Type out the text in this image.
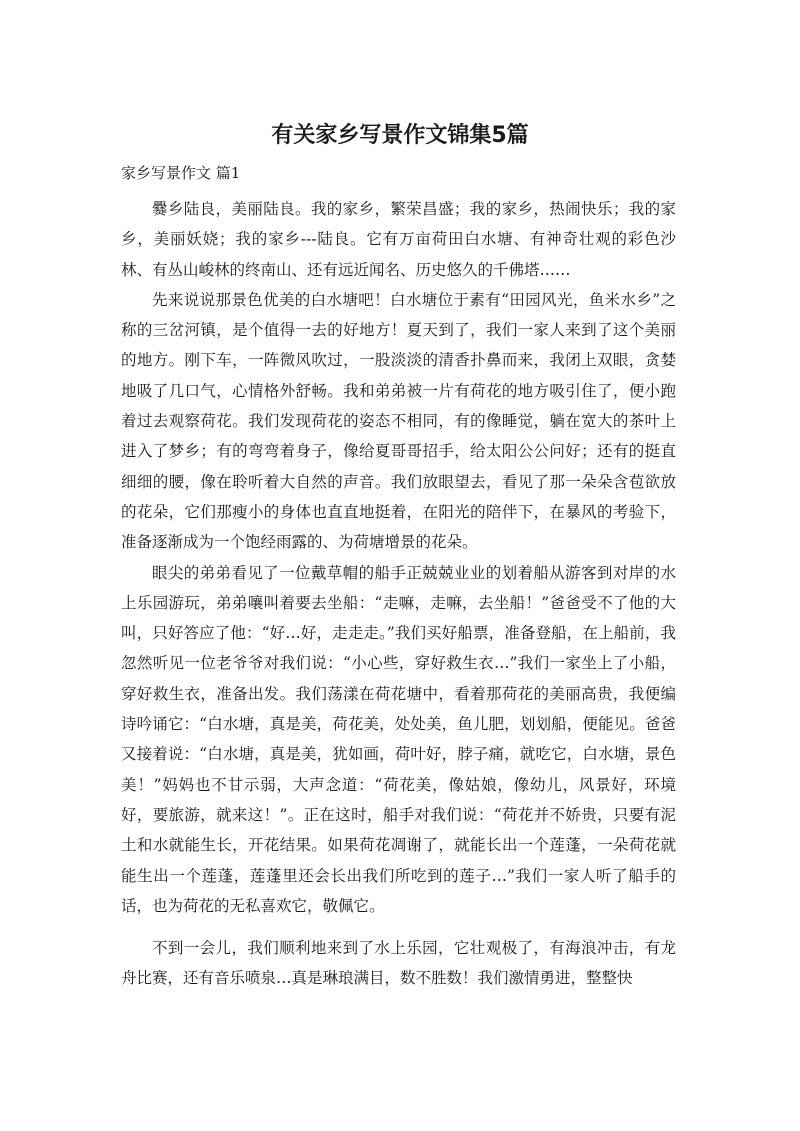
有关家乡写景作文锦集5篇

家乡写景作文 篇1

爨乡陆良，美丽陆良。我的家乡，繁荣昌盛；我的家乡，热闹快乐；我的家乡，美丽妖娆；我的家乡---陆良。它有万亩荷田白水塘、有神奇壮观的彩色沙林、有丛山峻林的终南山、还有远近闻名、历史悠久的千佛塔……

先来说说那景色优美的白水塘吧！白水塘位于素有“田园风光，鱼米水乡”之称的三岔河镇，是个值得一去的好地方！夏天到了，我们一家人来到了这个美丽的地方。刚下车，一阵微风吹过，一股淡淡的清香扑鼻而来，我闭上双眼，贪婪地吸了几口气，心情格外舒畅。我和弟弟被一片有荷花的地方吸引住了，便小跑着过去观察荷花。我们发现荷花的姿态不相同，有的像睡觉，躺在宽大的茶叶上进入了梦乡；有的弯弯着身子，像给夏哥哥招手，给太阳公公问好；还有的挺直细细的腰，像在聆听着大自然的声音。我们放眼望去，看见了那一朵朵含苞欲放的花朵，它们那瘦小的身体也直直地挺着，在阳光的陪伴下，在暴风的考验下，准备逐渐成为一个饱经雨露的、为荷塘增景的花朵。

眼尖的弟弟看见了一位戴草帽的船手正兢兢业业的划着船从游客到对岸的水上乐园游玩，弟弟嚷叫着要去坐船：“走嘛，走嘛，去坐船！”爸爸受不了他的大叫，只好答应了他：“好…好，走走走。”我们买好船票，准备登船，在上船前，我忽然听见一位老爷爷对我们说：“小心些，穿好救生衣…”我们一家坐上了小船，穿好救生衣，准备出发。我们荡漾在荷花塘中，看着那荷花的美丽高贵，我便编诗吟诵它：“白水塘，真是美，荷花美，处处美，鱼儿肥，划划船，便能见。爸爸又接着说：“白水塘，真是美，犹如画，荷叶好，脖子痛，就吃它，白水塘，景色美！”妈妈也不甘示弱，大声念道：“荷花美，像姑娘，像幼儿，风景好，环境好，要旅游，就来这！”。正在这时，船手对我们说：“荷花并不娇贵，只要有泥土和水就能生长，开花结果。如果荷花凋谢了，就能长出一个莲蓬，一朵荷花就能生出一个莲蓬，莲蓬里还会长出我们所吃到的莲子…”我们一家人听了船手的话，也为荷花的无私喜欢它，敬佩它。

不到一会儿，我们顺利地来到了水上乐园，它壮观极了，有海浪冲击，有龙舟比赛，还有音乐喷泉…真是琳琅满目，数不胜数！我们激情勇进，整整快
